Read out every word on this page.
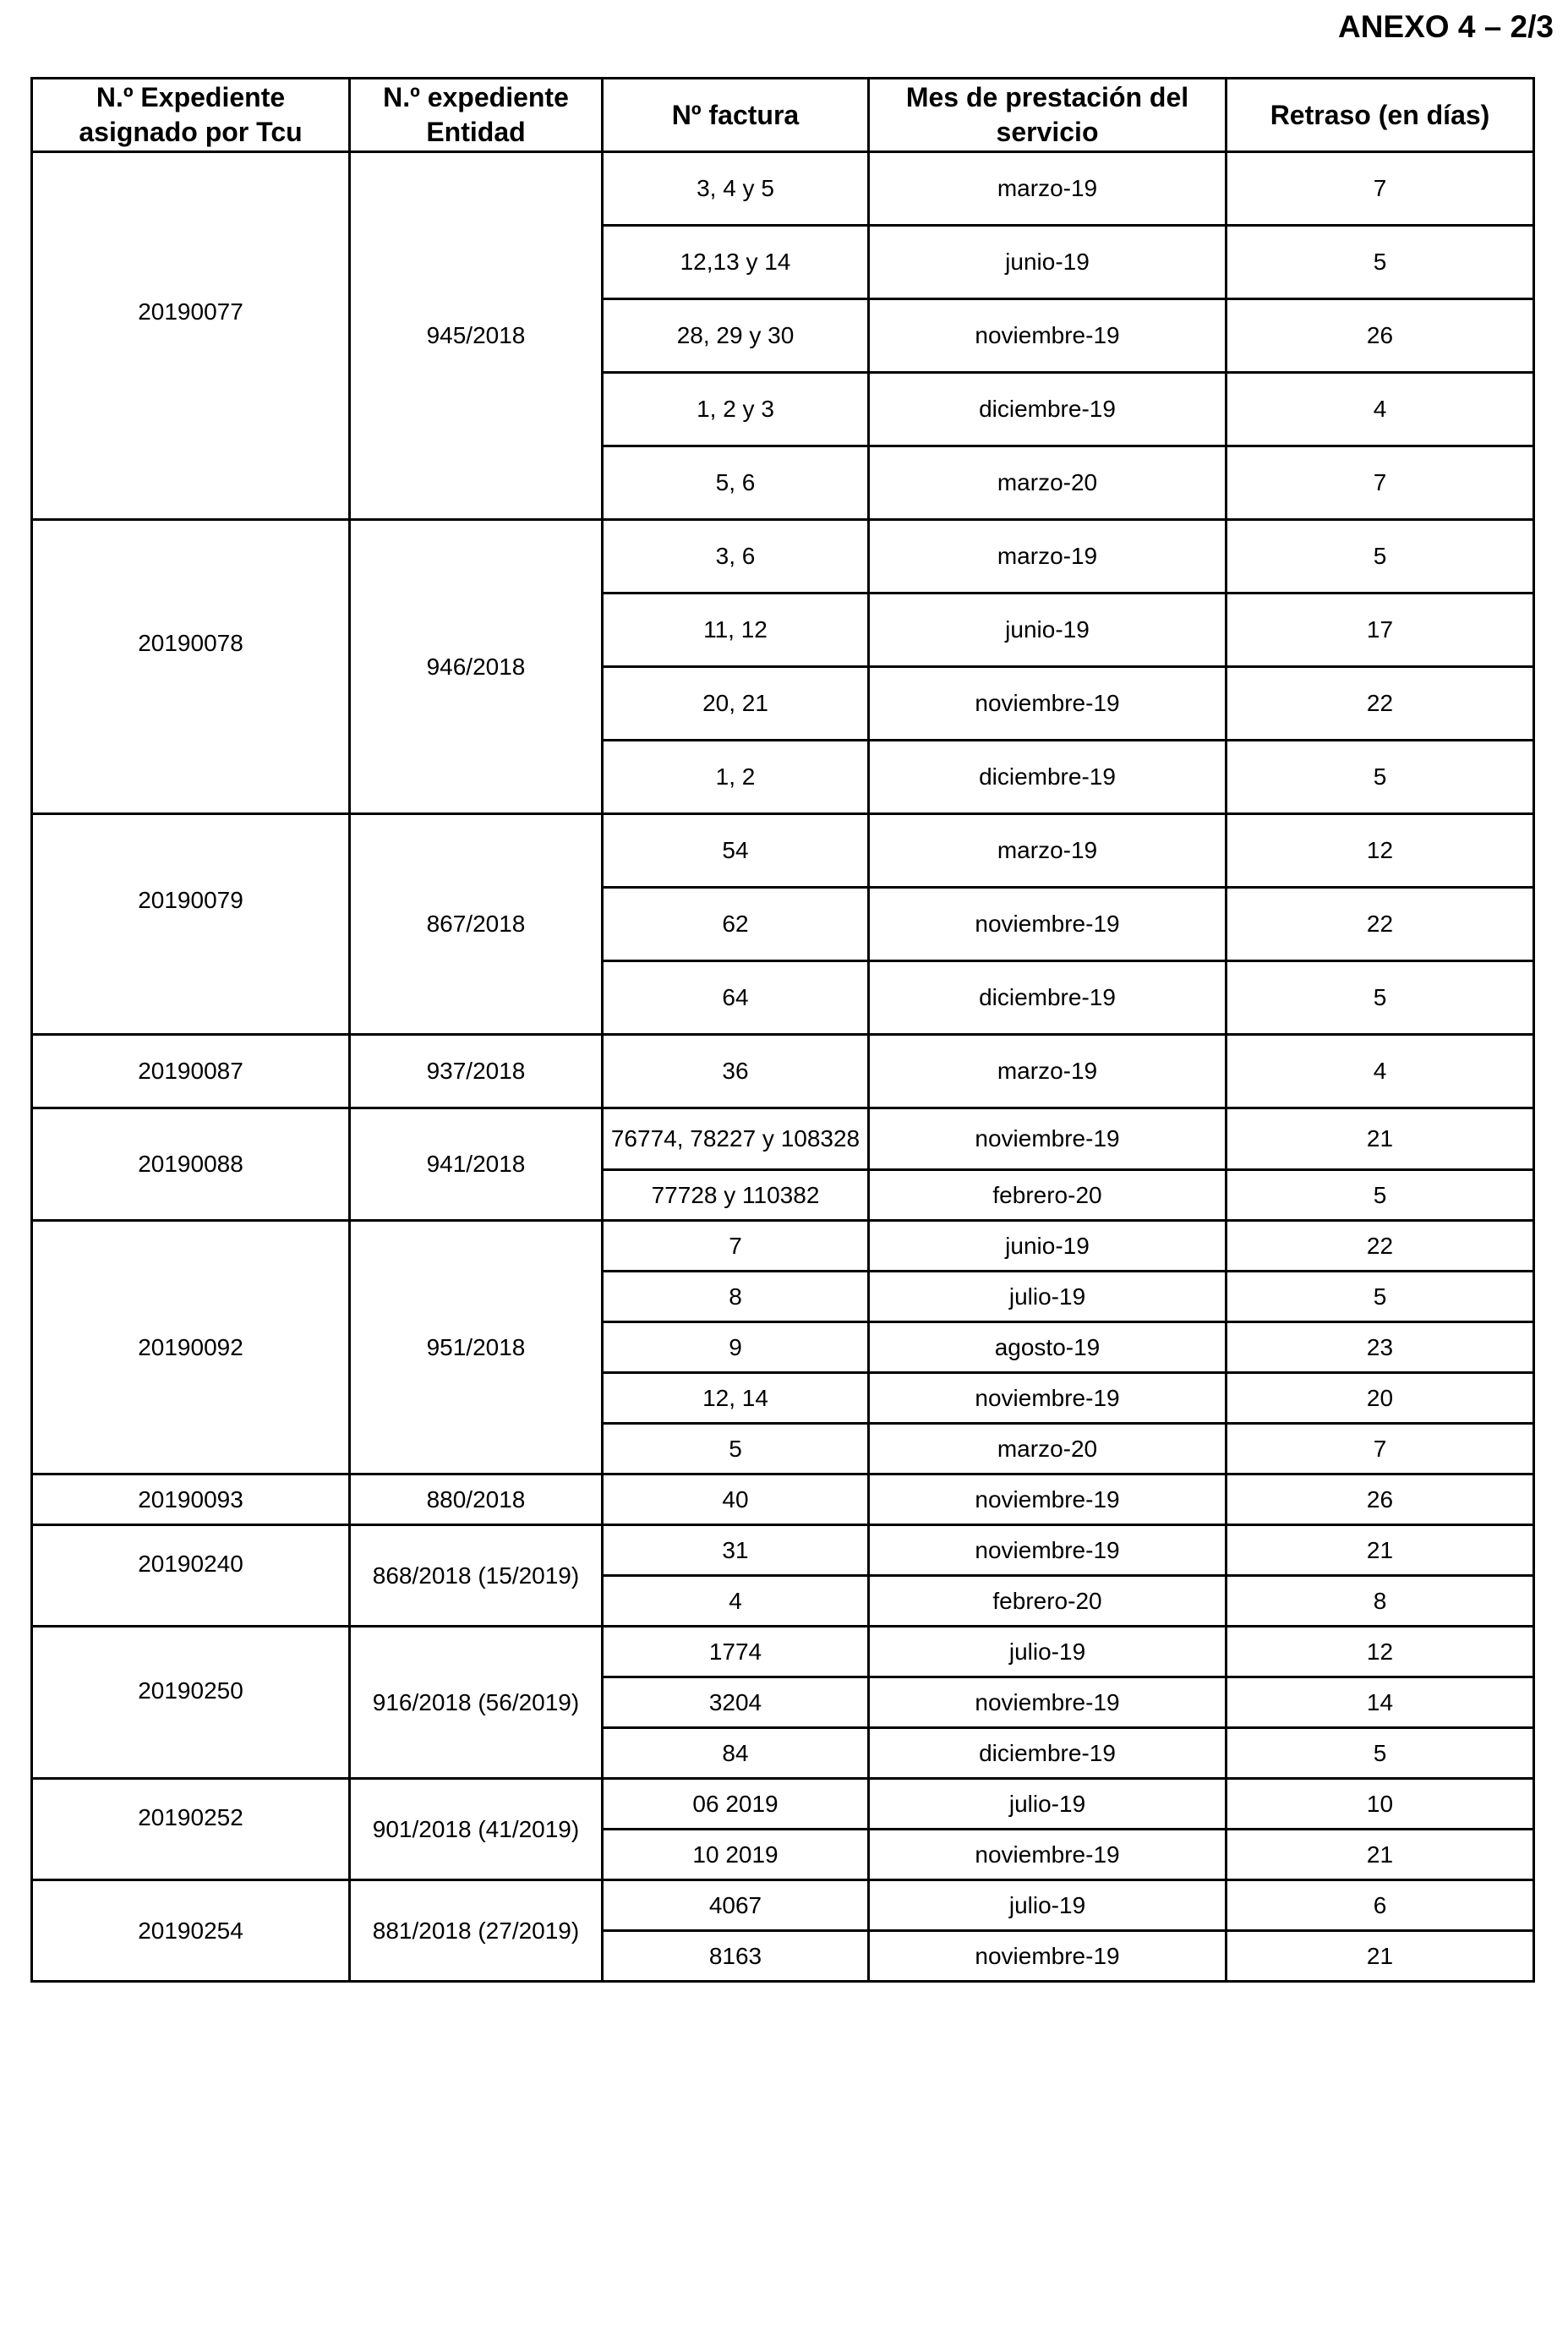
ANEXO 4 – 2/3
N.º Expediente asignado por Tcu	N.º expediente Entidad	Nº factura	Mes de prestación del servicio	Retraso (en días)
20190077	945/2018	3, 4 y 5	marzo-19	7
		12,13 y 14	junio-19	5
		28, 29 y 30	noviembre-19	26
		1, 2 y 3	diciembre-19	4
		5, 6	marzo-20	7
20190078	946/2018	3, 6	marzo-19	5
		11, 12	junio-19	17
		20, 21	noviembre-19	22
		1, 2	diciembre-19	5
20190079	867/2018	54	marzo-19	12
		62	noviembre-19	22
		64	diciembre-19	5
20190087	937/2018	36	marzo-19	4
20190088	941/2018	76774, 78227 y 108328	noviembre-19	21
		77728 y 110382	febrero-20	5
20190092	951/2018	7	junio-19	22
		8	julio-19	5
		9	agosto-19	23
		12, 14	noviembre-19	20
		5	marzo-20	7
20190093	880/2018	40	noviembre-19	26
20190240	868/2018 (15/2019)	31	noviembre-19	21
		4	febrero-20	8
20190250	916/2018 (56/2019)	1774	julio-19	12
		3204	noviembre-19	14
		84	diciembre-19	5
20190252	901/2018 (41/2019)	06 2019	julio-19	10
		10 2019	noviembre-19	21
20190254	881/2018 (27/2019)	4067	julio-19	6
		8163	noviembre-19	21
